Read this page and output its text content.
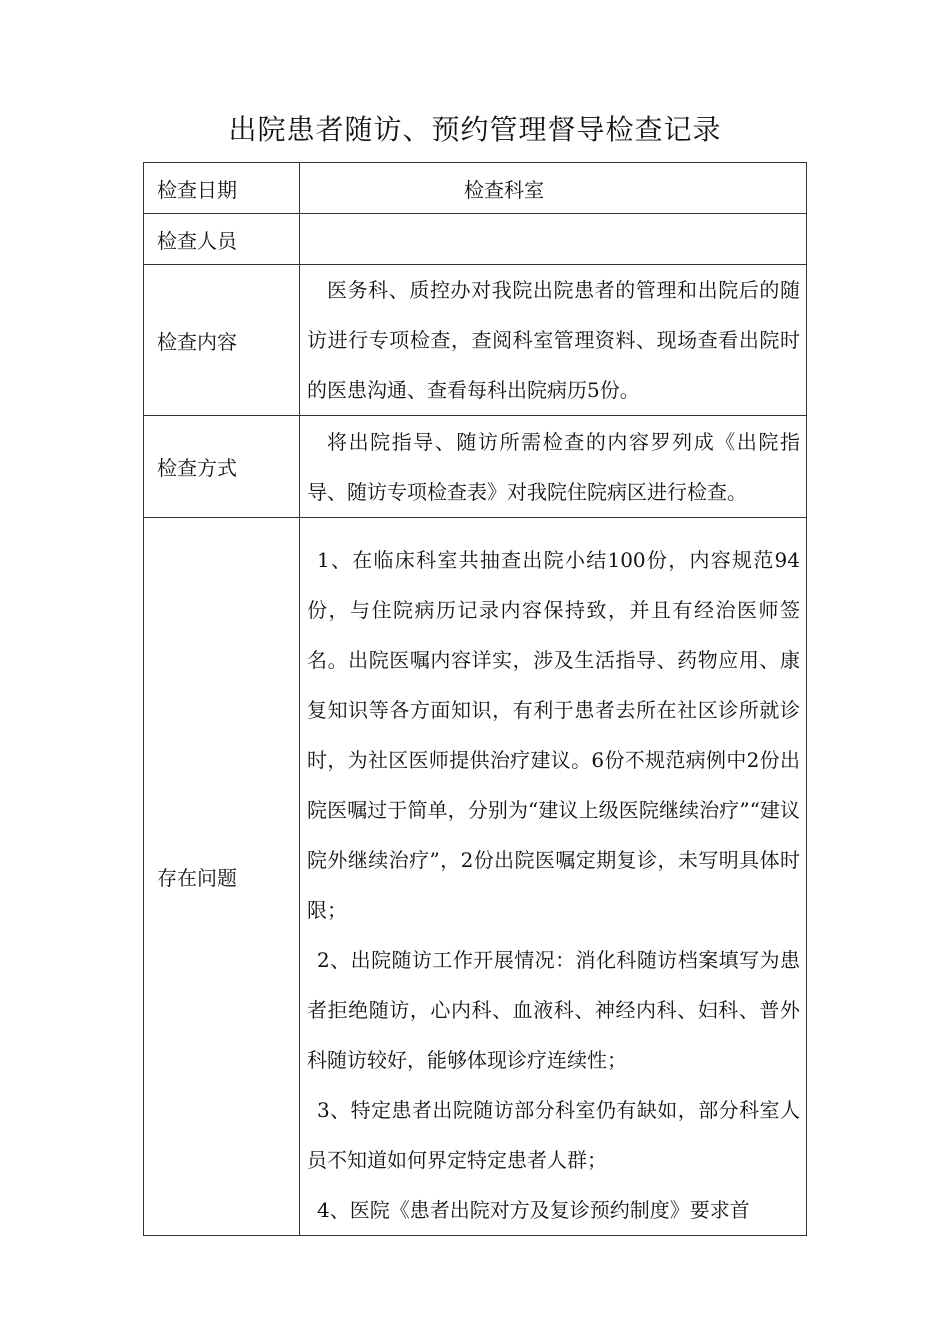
出院患者随访、预约管理督导检查记录
检查日期	检查科室
检查人员	
检查内容	医务科、质控办对我院出院患者的管理和出院后的随访进行专项检查，查阅科室管理资料、现场查看出院时的医患沟通、查看每科出院病历5份。

检查方式	将出院指导、随访所需检查的内容罗列成《出院指导、随访专项检查表》对我院住院病区进行检查。

存在问题	1、在临床科室共抽查出院小结100份，内容规范94份，与住院病历记录内容保持致，并且有经治医师签名。出院医嘱内容详实，涉及生活指导、药物应用、康复知识等各方面知识，有利于患者去所在社区诊所就诊时，为社区医师提供治疗建议。6份不规范病例中2份出院医嘱过于简单，分别为“建议上级医院继续治疗”“建议院外继续治疗”，2份出院医嘱定期复诊，未写明具体时限；

2、出院随访工作开展情况：消化科随访档案填写为患者拒绝随访，心内科、血液科、神经内科、妇科、普外科随访较好，能够体现诊疗连续性；

3、特定患者出院随访部分科室仍有缺如，部分科室人员不知道如何界定特定患者人群；

4、医院《患者出院对方及复诊预约制度》要求首
